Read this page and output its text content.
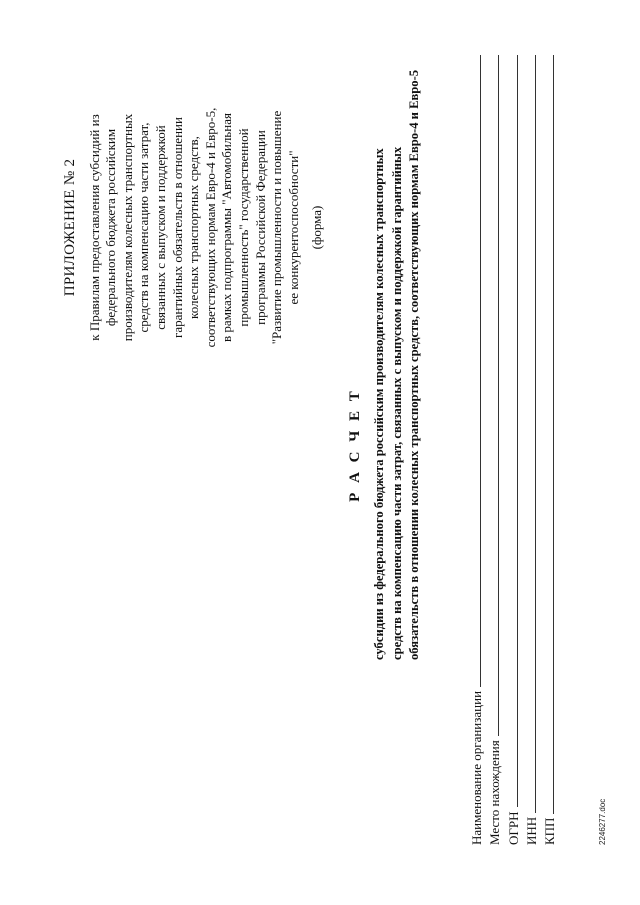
ПРИЛОЖЕНИЕ № 2 к Правилам предоставления субсидий из федерального бюджета российским производителям колесных транспортных средств на компенсацию части затрат, связанных с выпуском и поддержкой гарантийных обязательств в отношении колесных транспортных средств, соответствующих нормам Евро-4 и Евро-5, в рамках подпрограммы "Автомобильная промышленность" государственной программы Российской Федерации "Развитие промышленности и повышение ее конкурентоспособности" (форма)
Р А С Ч Е Т субсидии из федерального бюджета российским производителям колесных транспортных средств на компенсацию части затрат, связанных с выпуском и поддержкой гарантийных обязательств в отношении колесных транспортных средств, соответствующих нормам Евро-4 и Евро-5
Наименование организации Место нахождения ОГРН ИНН КПП	2246277.doc
